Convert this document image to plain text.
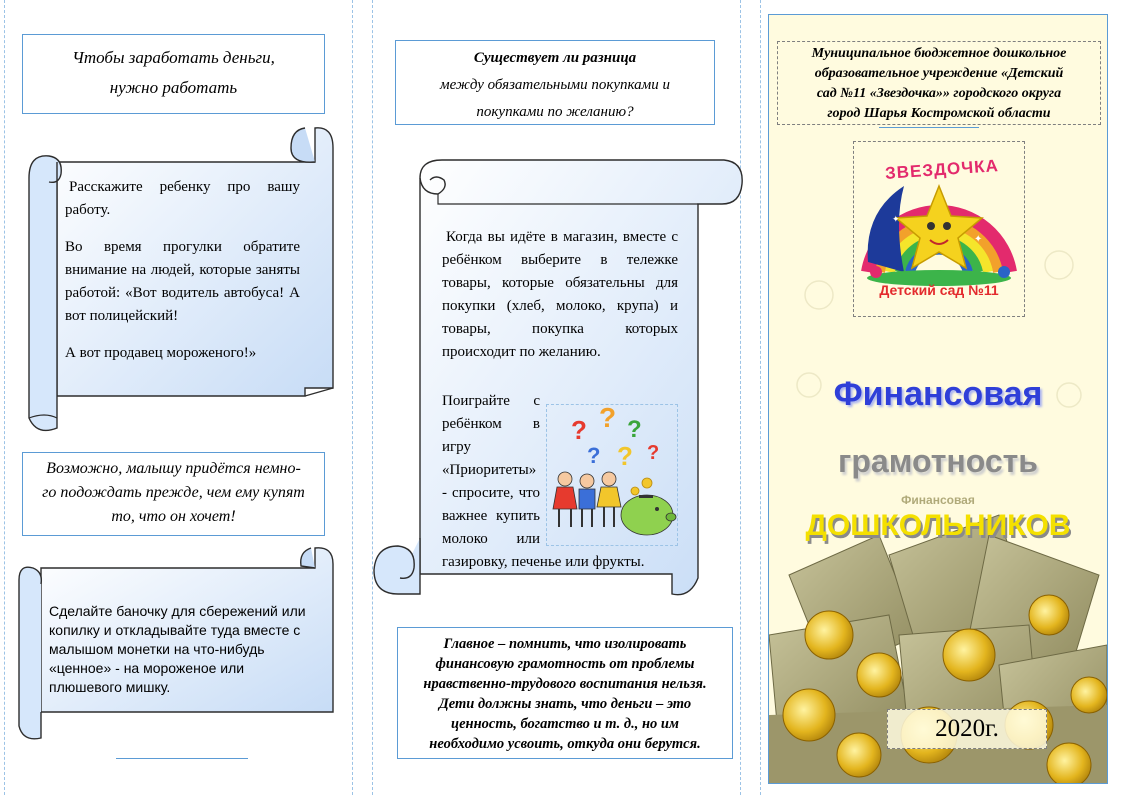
Чтобы заработать деньги,
нужно работать

Расскажите ребенку про вашу работу.

Во время прогулки обратите внимание на людей, которые заняты работой: «Вот водитель автобуса! А вот полицейский!

А вот продавец мороженого!»

Возможно, малышу придётся немно-
го подождать прежде, чем ему купят
то, что он хочет!
Сделайте баночку для сбережений или копилку и откладывайте туда вместе с малышом монетки на что-нибудь «ценное» - на мороженое или плюшевого мишку.
Существует ли разница
между обязательными покупками и
покупками по желанию?

Когда вы идёте в магазин, вместе с ребёнком выберите в тележке товары, которые обязательны для покупки (хлеб, молоко, крупа) и товары, покупка которых происходит по желанию.

? ? ?
? ? ?

Поиграйте с ребёнком в игру «Приоритеты» - спросите, что важнее купить молоко или газировку, печенье или фрукты.

Главное – помнить, что изолировать
финансовую грамотность от проблемы
нравственно-трудового воспитания нельзя.
Дети должны знать, что деньги – это
ценность, богатство и т. д., но им
необходимо усвоить, откуда они берутся.
Муниципальное бюджетное дошкольное
образовательное учреждение «Детский
сад №11 «Звездочка»» городского округа
город Шарья Костромской области
✦
✦
ЗВЕЗДОЧКА
Детский сад №11
Финансовая
грамотность
Финансовая
ДОШКОЛЬНИКОВ
2020г.
